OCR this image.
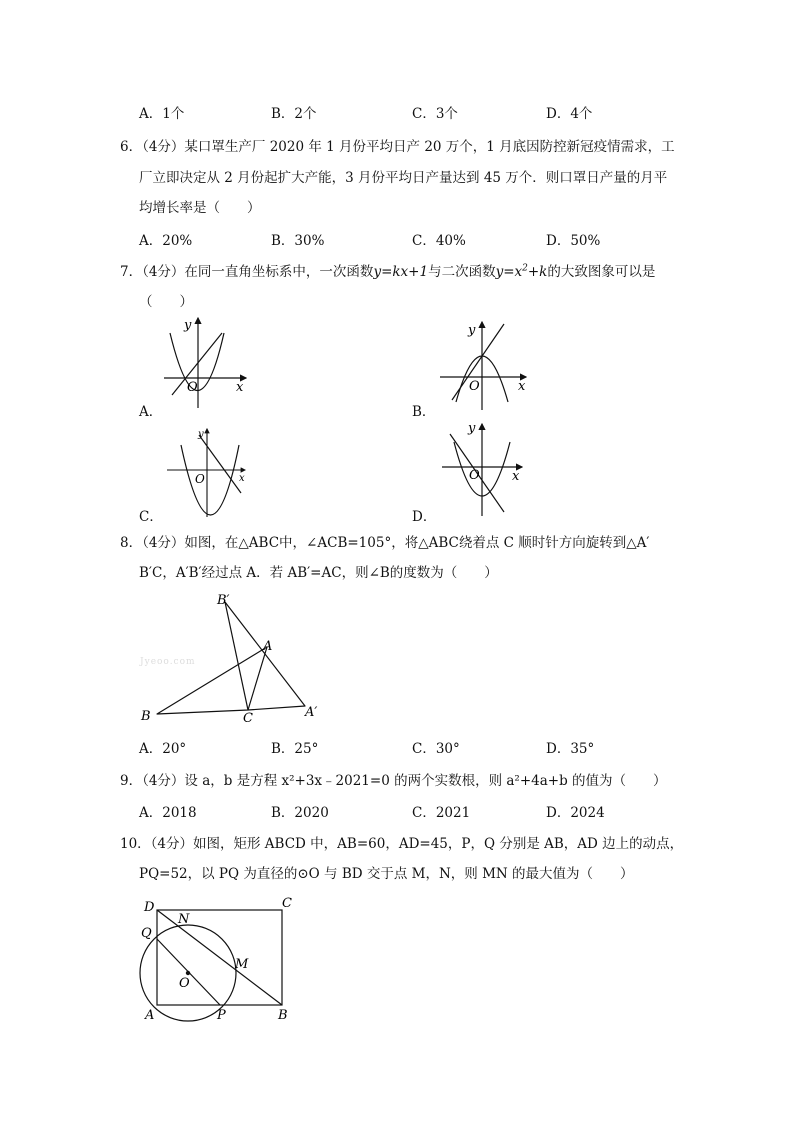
A．1个	B．2个	C．3个	D．4个
6．（4分）某口罩生产厂 2020 年 1 月份平均日产 20 万个，1 月底因防控新冠疫情需求，工
厂立即决定从 2 月份起扩大产能，3 月份平均日产量达到 45 万个．则口罩日产量的月平
均增长率是（　　）
A．20%	B．30%	C．40%	D．50%
7．（4分）在同一直角坐标系中，一次函数y=kx+1与二次函数$y=x^2+k$的大致图象可以是
（　　）
y
x
O
A．
y
x
O
B．
y
x
O
C．
y
x
O
D．
8．（4分）如图，在△ABC中，∠ACB=105°，将△ABC绕着点 C 顺时针方向旋转到△A′
B′C，A′B′经过点 A．若 AB′=AC，则∠B的度数为（　　）
Jyeoo.com
B′
A
B	C	A′
A．20°	B．25°	C．30°	D．35°
9．（4分）设 a，b 是方程 x²+3x﹣2021=0 的两个实数根，则 a²+4a+b 的值为（　　）
A．2018	B．2020	C．2021	D．2024
10．（4分）如图，矩形 ABCD 中，AB=60，AD=45，P，Q 分别是 AB，AD 边上的动点，
PQ=52，以 PQ 为直径的⊙O 与 BD 交于点 M，N，则 MN 的最大值为（　　）
D	C
N
Q
M
O
A	P	B
